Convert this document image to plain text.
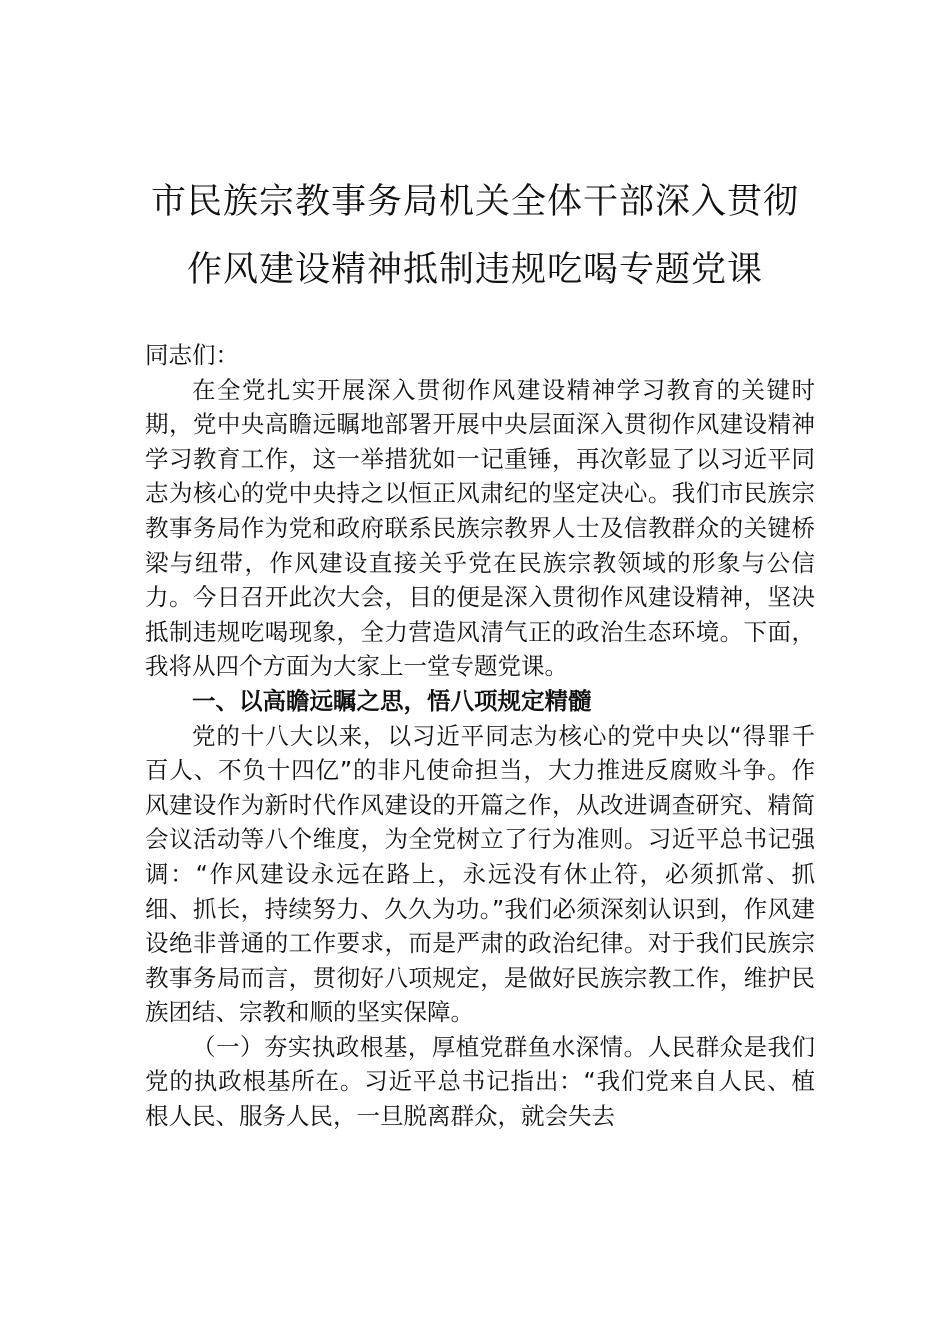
市民族宗教事务局机关全体干部深入贯彻
作风建设精神抵制违规吃喝专题党课

同志们：

在全党扎实开展深入贯彻作风建设精神学习教育的关键时期，党中央高瞻远瞩地部署开展中央层面深入贯彻作风建设精神学习教育工作，这一举措犹如一记重锤，再次彰显了以习近平同志为核心的党中央持之以恒正风肃纪的坚定决心。我们市民族宗教事务局作为党和政府联系民族宗教界人士及信教群众的关键桥梁与纽带，作风建设直接关乎党在民族宗教领域的形象与公信力。今日召开此次大会，目的便是深入贯彻作风建设精神，坚决抵制违规吃喝现象，全力营造风清气正的政治生态环境。下面，我将从四个方面为大家上一堂专题党课。

一、以高瞻远瞩之思，悟八项规定精髓

党的十八大以来，以习近平同志为核心的党中央以“得罪千百人、不负十四亿”的非凡使命担当，大力推进反腐败斗争。作风建设作为新时代作风建设的开篇之作，从改进调查研究、精简会议活动等八个维度，为全党树立了行为准则。习近平总书记强调：“作风建设永远在路上，永远没有休止符，必须抓常、抓细、抓长，持续努力、久久为功。”我们必须深刻认识到，作风建设绝非普通的工作要求，而是严肃的政治纪律。对于我们民族宗教事务局而言，贯彻好八项规定，是做好民族宗教工作，维护民族团结、宗教和顺的坚实保障。

（一）夯实执政根基，厚植党群鱼水深情。人民群众是我们党的执政根基所在。习近平总书记指出：“我们党来自人民、植根人民、服务人民，一旦脱离群众，就会失去
